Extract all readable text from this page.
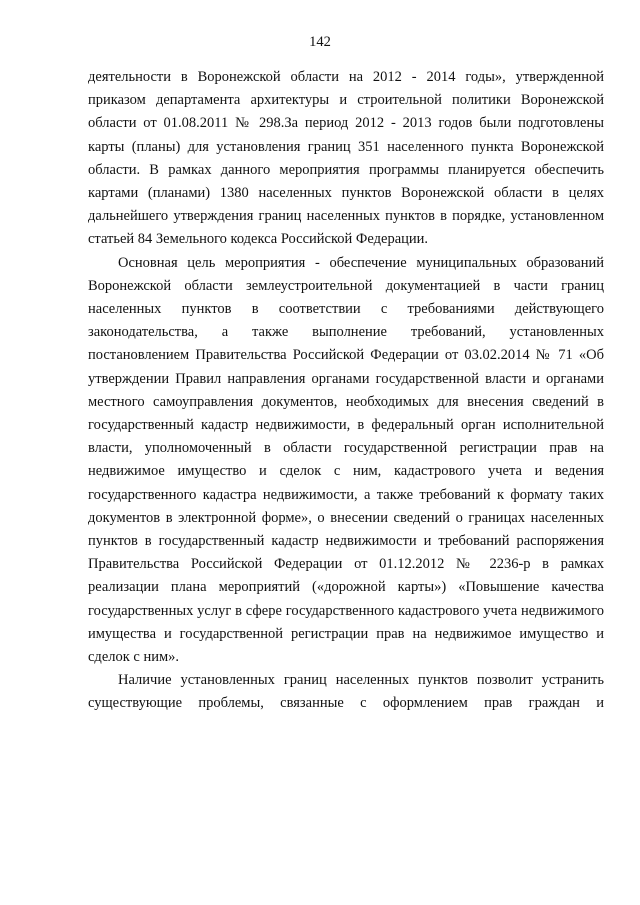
142

деятельности в Воронежской области на 2012 - 2014 годы», утвержденной приказом департамента архитектуры и строительной политики Воронежской области от 01.08.2011 № 298.За период 2012 - 2013 годов были подготовлены карты (планы) для установления границ 351 населенного пункта Воронежской области. В рамках данного мероприятия программы планируется обеспечить картами (планами) 1380 населенных пунктов Воронежской области в целях дальнейшего утверждения границ населенных пунктов в порядке, установленном статьей 84 Земельного кодекса Российской Федерации.

Основная цель мероприятия - обеспечение муниципальных образований Воронежской области землеустроительной документацией в части границ населенных пунктов в соответствии с требованиями действующего законодательства, а также выполнение требований, установленных постановлением Правительства Российской Федерации от 03.02.2014 № 71 «Об утверждении Правил направления органами государственной власти и органами местного самоуправления документов, необходимых для внесения сведений в государственный кадастр недвижимости, в федеральный орган исполнительной власти, уполномоченный в области государственной регистрации прав на недвижимое имущество и сделок с ним, кадастрового учета и ведения государственного кадастра недвижимости, а также требований к формату таких документов в электронной форме», о внесении сведений о границах населенных пунктов в государственный кадастр недвижимости и требований распоряжения Правительства Российской Федерации от 01.12.2012 № 2236-р в рамках реализации плана мероприятий («дорожной карты») «Повышение качества государственных услуг в сфере государственного кадастрового учета недвижимого имущества и государственной регистрации прав на недвижимое имущество и сделок с ним».

Наличие установленных границ населенных пунктов позволит устранить существующие проблемы, связанные с оформлением прав граждан и
